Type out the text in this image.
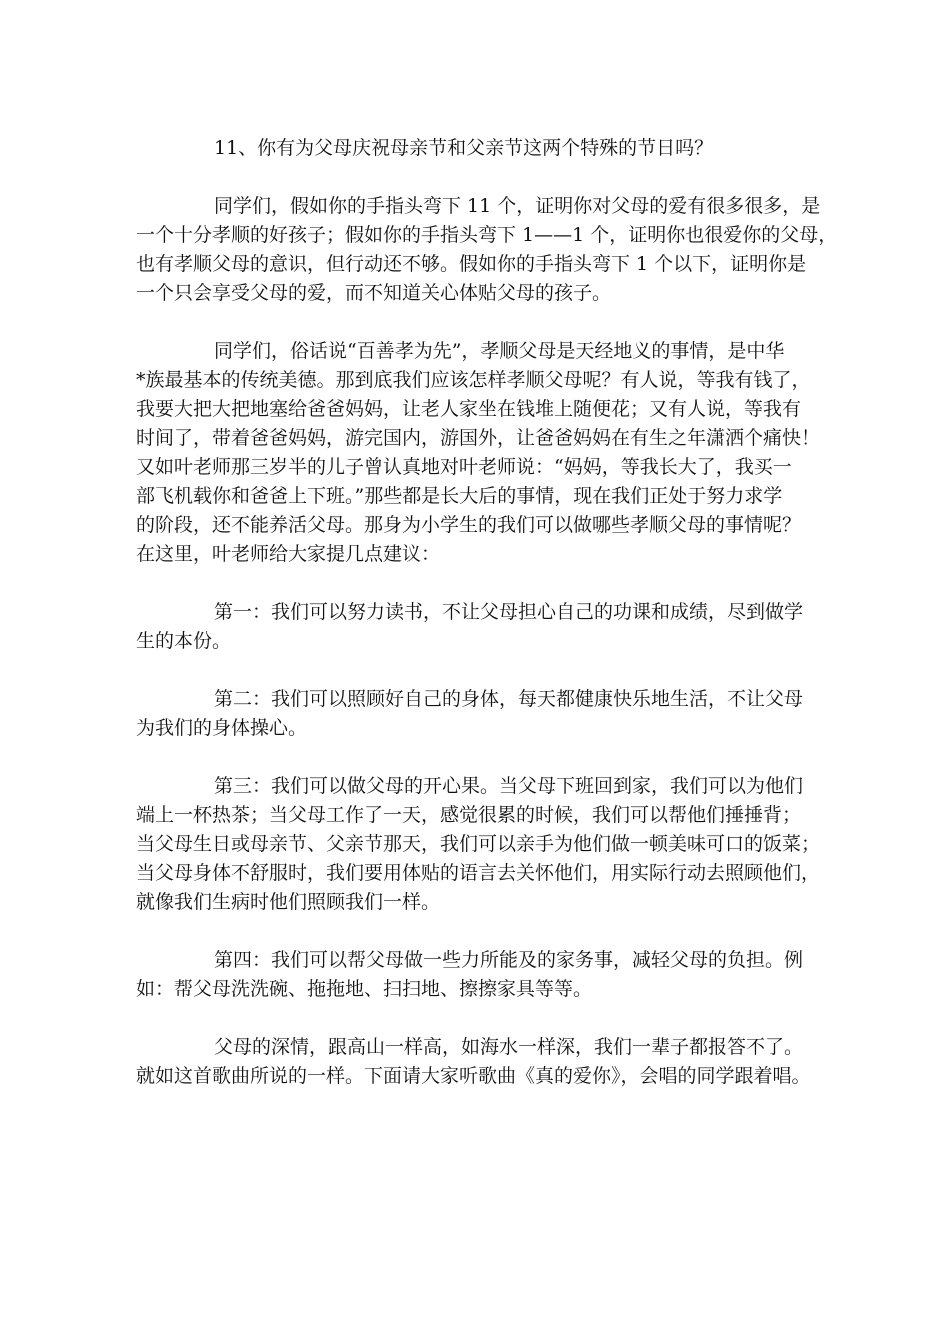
11、你有为父母庆祝母亲节和父亲节这两个特殊的节日吗？
同学们，假如你的手指头弯下 11 个，证明你对父母的爱有很多很多，是
一个十分孝顺的好孩子；假如你的手指头弯下 1——1 个，证明你也很爱你的父母，
也有孝顺父母的意识，但行动还不够。假如你的手指头弯下 1 个以下，证明你是
一个只会享受父母的爱，而不知道关心体贴父母的孩子。
同学们，俗话说“百善孝为先”，孝顺父母是天经地义的事情，是中华
*族最基本的传统美德。那到底我们应该怎样孝顺父母呢？有人说，等我有钱了，
我要大把大把地塞给爸爸妈妈，让老人家坐在钱堆上随便花；又有人说，等我有
时间了，带着爸爸妈妈，游完国内，游国外，让爸爸妈妈在有生之年潇洒个痛快！
又如叶老师那三岁半的儿子曾认真地对叶老师说：“妈妈，等我长大了，我买一
部飞机载你和爸爸上下班。”那些都是长大后的事情，现在我们正处于努力求学
的阶段，还不能养活父母。那身为小学生的我们可以做哪些孝顺父母的事情呢？
在这里，叶老师给大家提几点建议：
第一：我们可以努力读书，不让父母担心自己的功课和成绩，尽到做学
生的本份。
第二：我们可以照顾好自己的身体，每天都健康快乐地生活，不让父母
为我们的身体操心。
第三：我们可以做父母的开心果。当父母下班回到家，我们可以为他们
端上一杯热茶；当父母工作了一天，感觉很累的时候，我们可以帮他们捶捶背；
当父母生日或母亲节、父亲节那天，我们可以亲手为他们做一顿美味可口的饭菜；
当父母身体不舒服时，我们要用体贴的语言去关怀他们，用实际行动去照顾他们，
就像我们生病时他们照顾我们一样。
第四：我们可以帮父母做一些力所能及的家务事，减轻父母的负担。例
如：帮父母洗洗碗、拖拖地、扫扫地、擦擦家具等等。
父母的深情，跟高山一样高，如海水一样深，我们一辈子都报答不了。
就如这首歌曲所说的一样。下面请大家听歌曲《真的爱你》，会唱的同学跟着唱。
